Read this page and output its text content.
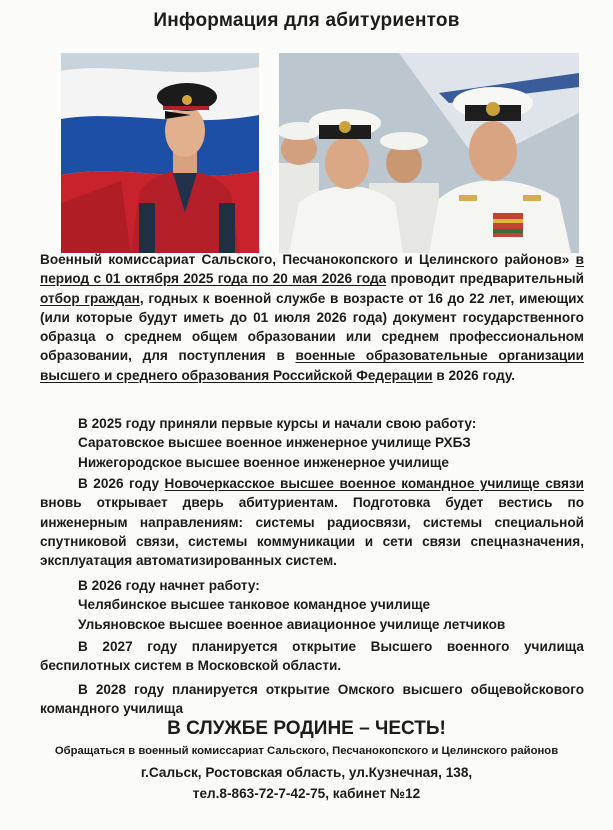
Информация для абитуриентов

Военный комиссариат Сальского, Песчанокопского и Целинского районов» в период с 01 октября 2025 года по 20 мая 2026 года проводит предварительный отбор граждан, годных к военной службе в возрасте от 16 до 22 лет, имеющих (или которые будут иметь до 01 июля 2026 года) документ государственного образца о среднем общем образовании или среднем профессиональном образовании, для поступления в военные образовательные организации высшего и среднего образования Российской Федерации в 2026 году.

В 2025 году приняли первые курсы и начали свою работу:

Саратовское высшее военное инженерное училище РХБЗ

Нижегородское высшее военное инженерное училище

В 2026 году Новочеркасское высшее военное командное училище связи вновь открывает дверь абитуриентам. Подготовка будет вестись по инженерным направлениям: системы радиосвязи, системы специальной спутниковой связи, системы коммуникации и сети связи спецназначения, эксплуатация автоматизированных систем.

В 2026 году начнет работу:

Челябинское высшее танковое командное училище

Ульяновское высшее военное авиационное училище летчиков

В 2027 году планируется открытие Высшего военного училища беспилотных систем в Московской области.

В 2028 году планируется открытие Омского высшего общевойскового командного училища

В СЛУЖБЕ РОДИНЕ – ЧЕСТЬ!
Обращаться в военный комиссариат Сальского, Песчанокопского и Целинского районов
г.Сальск, Ростовская область, ул.Кузнечная, 138,
тел.8-863-72-7-42-75, кабинет №12
